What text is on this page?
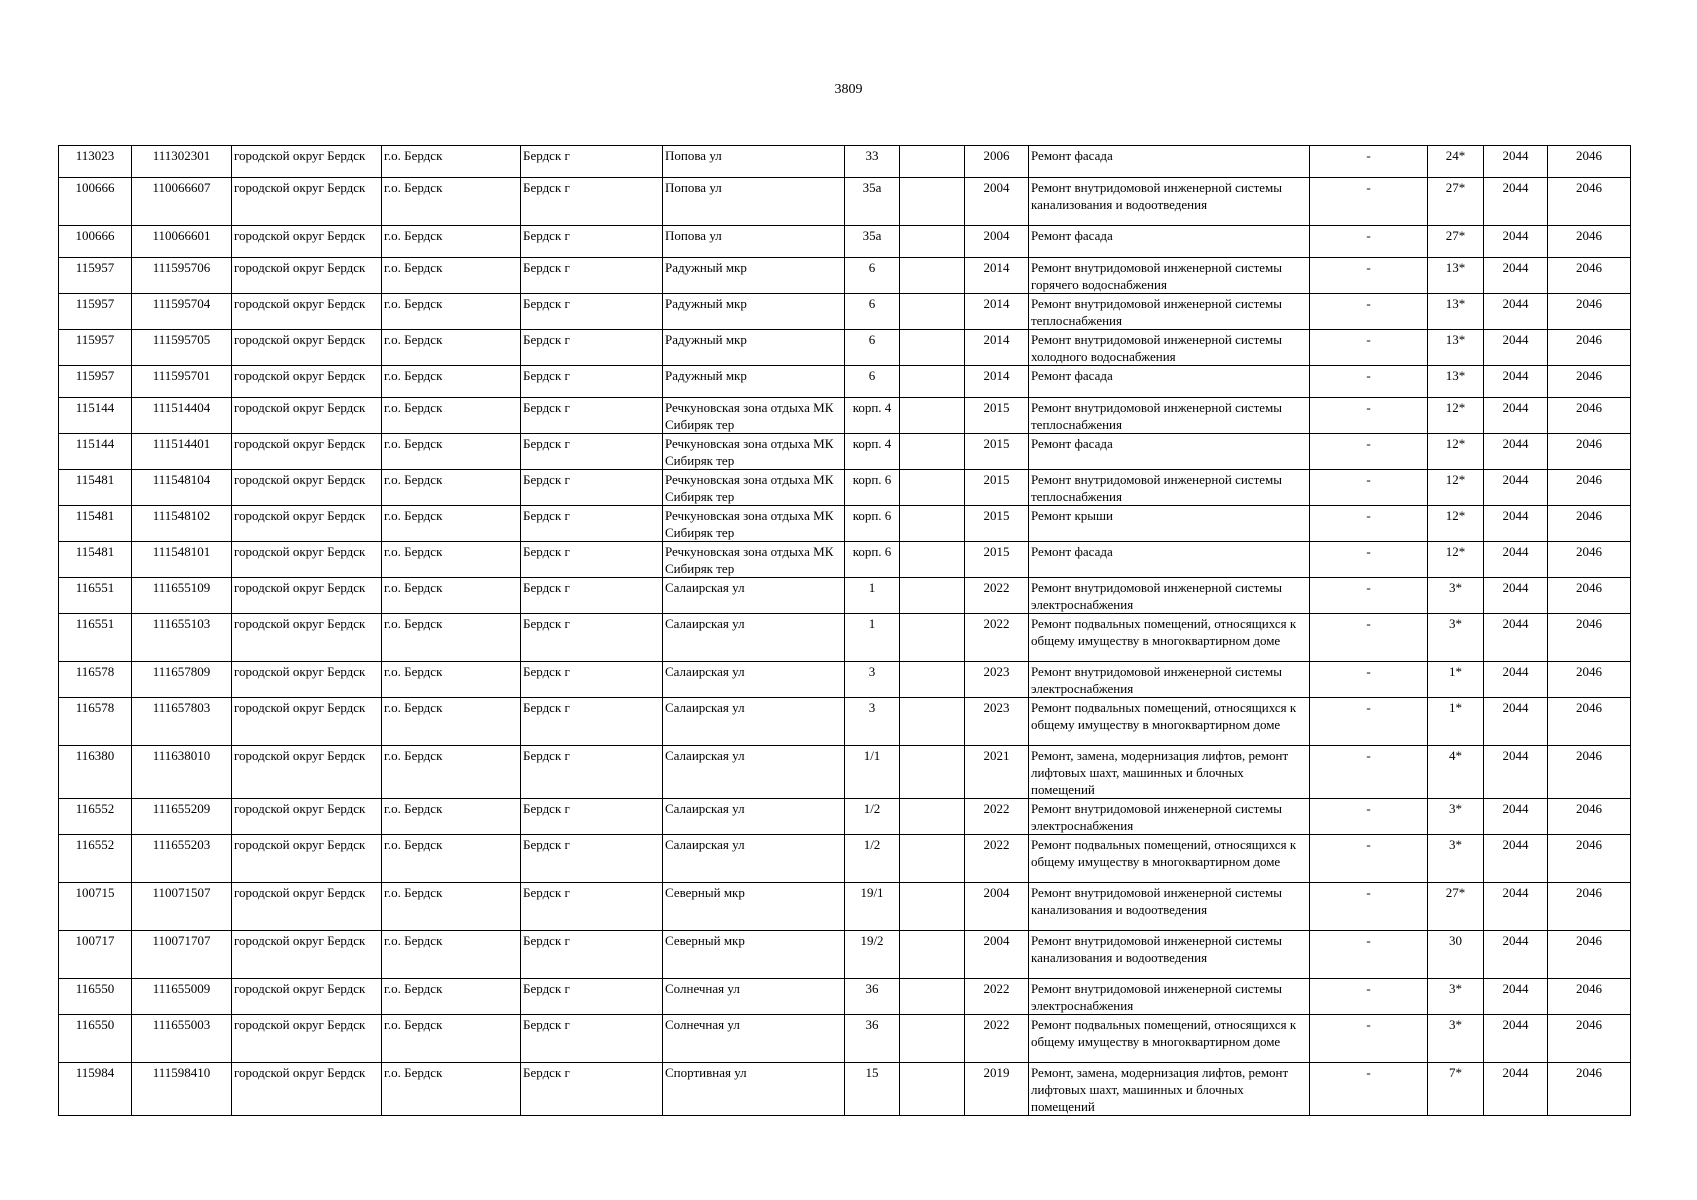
3809
113023	111302301	городской округ Бердск	г.о. Бердск	Бердск г	Попова ул	33		2006	Ремонт фасада	-	24*	2044	2046
100666	110066607	городской округ Бердск	г.о. Бердск	Бердск г	Попова ул	35а		2004	Ремонт внутридомовой инженерной системы канализования и водоотведения	-	27*	2044	2046
100666	110066601	городской округ Бердск	г.о. Бердск	Бердск г	Попова ул	35а		2004	Ремонт фасада	-	27*	2044	2046
115957	111595706	городской округ Бердск	г.о. Бердск	Бердск г	Радужный мкр	6		2014	Ремонт внутридомовой инженерной системы горячего водоснабжения	-	13*	2044	2046
115957	111595704	городской округ Бердск	г.о. Бердск	Бердск г	Радужный мкр	6		2014	Ремонт внутридомовой инженерной системы теплоснабжения	-	13*	2044	2046
115957	111595705	городской округ Бердск	г.о. Бердск	Бердск г	Радужный мкр	6		2014	Ремонт внутридомовой инженерной системы холодного водоснабжения	-	13*	2044	2046
115957	111595701	городской округ Бердск	г.о. Бердск	Бердск г	Радужный мкр	6		2014	Ремонт фасада	-	13*	2044	2046
115144	111514404	городской округ Бердск	г.о. Бердск	Бердск г	Речкуновская зона отдыха МК Сибиряк тер	корп. 4		2015	Ремонт внутридомовой инженерной системы теплоснабжения	-	12*	2044	2046
115144	111514401	городской округ Бердск	г.о. Бердск	Бердск г	Речкуновская зона отдыха МК Сибиряк тер	корп. 4		2015	Ремонт фасада	-	12*	2044	2046
115481	111548104	городской округ Бердск	г.о. Бердск	Бердск г	Речкуновская зона отдыха МК Сибиряк тер	корп. 6		2015	Ремонт внутридомовой инженерной системы теплоснабжения	-	12*	2044	2046
115481	111548102	городской округ Бердск	г.о. Бердск	Бердск г	Речкуновская зона отдыха МК Сибиряк тер	корп. 6		2015	Ремонт крыши	-	12*	2044	2046
115481	111548101	городской округ Бердск	г.о. Бердск	Бердск г	Речкуновская зона отдыха МК Сибиряк тер	корп. 6		2015	Ремонт фасада	-	12*	2044	2046
116551	111655109	городской округ Бердск	г.о. Бердск	Бердск г	Салаирская ул	1		2022	Ремонт внутридомовой инженерной системы электроснабжения	-	3*	2044	2046
116551	111655103	городской округ Бердск	г.о. Бердск	Бердск г	Салаирская ул	1		2022	Ремонт подвальных помещений, относящихся к общему имуществу в многоквартирном доме	-	3*	2044	2046
116578	111657809	городской округ Бердск	г.о. Бердск	Бердск г	Салаирская ул	3		2023	Ремонт внутридомовой инженерной системы электроснабжения	-	1*	2044	2046
116578	111657803	городской округ Бердск	г.о. Бердск	Бердск г	Салаирская ул	3		2023	Ремонт подвальных помещений, относящихся к общему имуществу в многоквартирном доме	-	1*	2044	2046
116380	111638010	городской округ Бердск	г.о. Бердск	Бердск г	Салаирская ул	1/1		2021	Ремонт, замена, модернизация лифтов, ремонт лифтовых шахт, машинных и блочных помещений	-	4*	2044	2046
116552	111655209	городской округ Бердск	г.о. Бердск	Бердск г	Салаирская ул	1/2		2022	Ремонт внутридомовой инженерной системы электроснабжения	-	3*	2044	2046
116552	111655203	городской округ Бердск	г.о. Бердск	Бердск г	Салаирская ул	1/2		2022	Ремонт подвальных помещений, относящихся к общему имуществу в многоквартирном доме	-	3*	2044	2046
100715	110071507	городской округ Бердск	г.о. Бердск	Бердск г	Северный мкр	19/1		2004	Ремонт внутридомовой инженерной системы канализования и водоотведения	-	27*	2044	2046
100717	110071707	городской округ Бердск	г.о. Бердск	Бердск г	Северный мкр	19/2		2004	Ремонт внутридомовой инженерной системы канализования и водоотведения	-	30	2044	2046
116550	111655009	городской округ Бердск	г.о. Бердск	Бердск г	Солнечная ул	36		2022	Ремонт внутридомовой инженерной системы электроснабжения	-	3*	2044	2046
116550	111655003	городской округ Бердск	г.о. Бердск	Бердск г	Солнечная ул	36		2022	Ремонт подвальных помещений, относящихся к общему имуществу в многоквартирном доме	-	3*	2044	2046
115984	111598410	городской округ Бердск	г.о. Бердск	Бердск г	Спортивная ул	15		2019	Ремонт, замена, модернизация лифтов, ремонт лифтовых шахт, машинных и блочных помещений	-	7*	2044	2046
